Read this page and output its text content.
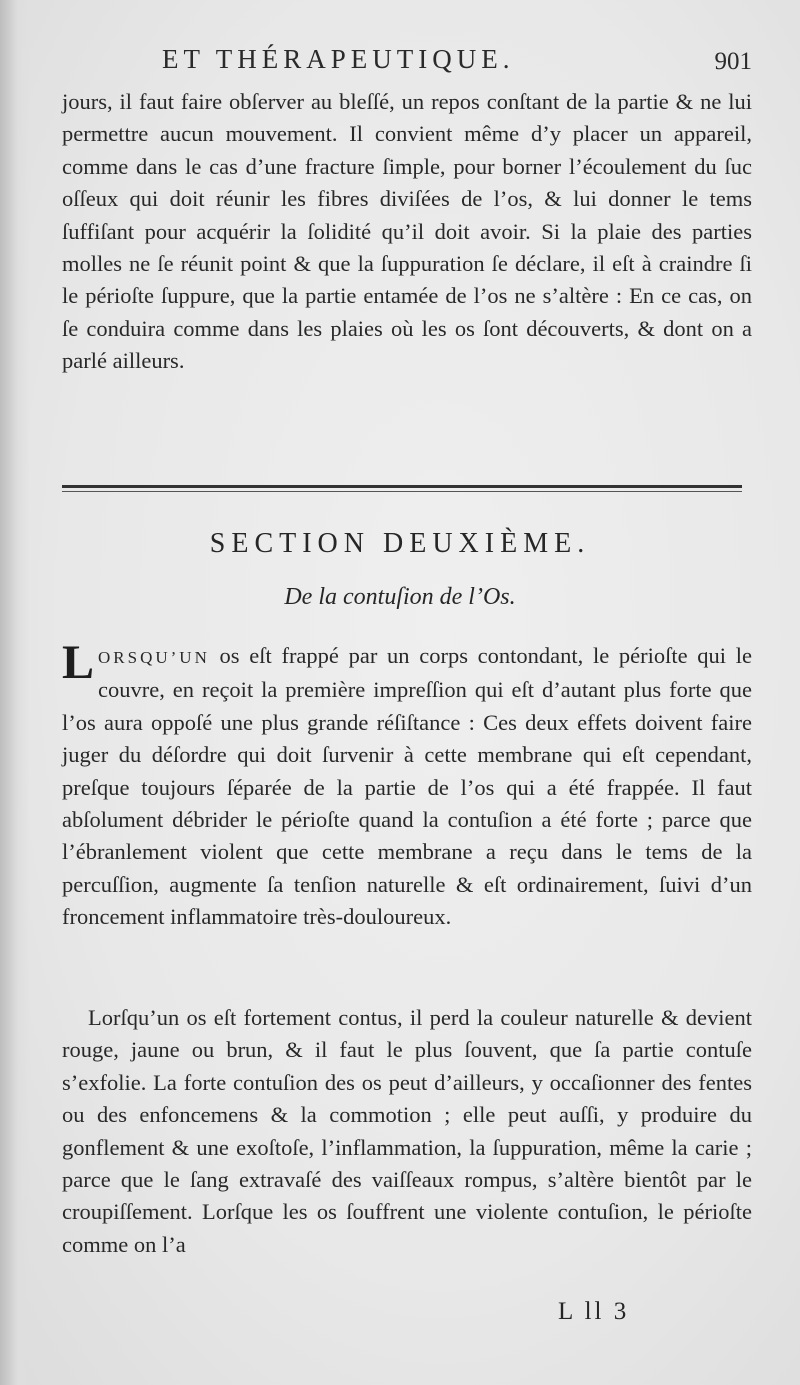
ET THÉRAPEUTIQUE.	901

jours, il faut faire obſerver au bleſſé, un repos conſtant de la partie & ne lui permettre aucun mouvement. Il convient même d’y placer un appareil, comme dans le cas d’une fracture ſimple, pour borner l’écoulement du ſuc oſſeux qui doit réunir les fibres diviſées de l’os, & lui donner le tems ſuffiſant pour acquérir la ſolidité qu’il doit avoir. Si la plaie des parties molles ne ſe réunit point & que la ſuppuration ſe déclare, il eſt à craindre ſi le périoſte ſuppure, que la partie entamée de l’os ne s’altère : En ce cas, on ſe conduira comme dans les plaies où les os ſont découverts, & dont on a parlé ailleurs.

SECTION DEUXIÈME.
De la contuſion de l’Os.

LORSQU’UN os eſt frappé par un corps contondant, le périoſte qui le couvre, en reçoit la première impreſſion qui eſt d’autant plus forte que l’os aura oppoſé une plus grande réſiſtance : Ces deux effets doivent faire juger du déſordre qui doit ſurvenir à cette membrane qui eſt cependant, preſque toujours ſéparée de la partie de l’os qui a été frappée. Il faut abſolument débrider le périoſte quand la contuſion a été forte ; parce que l’ébranlement violent que cette membrane a reçu dans le tems de la percuſſion, augmente ſa tenſion naturelle & eſt ordinairement, ſuivi d’un froncement inflammatoire très-douloureux.

Lorſqu’un os eſt fortement contus, il perd la couleur naturelle & devient rouge, jaune ou brun, & il faut le plus ſouvent, que ſa partie contuſe s’exfolie. La forte contuſion des os peut d’ailleurs, y occaſionner des fentes ou des enfoncemens & la commotion ; elle peut auſſi, y produire du gonflement & une exoſtoſe, l’inflammation, la ſuppuration, même la carie ; parce que le ſang extravaſé des vaiſſeaux rompus, s’altère bientôt par le croupiſſement. Lorſque les os ſouffrent une violente contuſion, le périoſte comme on l’a

L ll 3
